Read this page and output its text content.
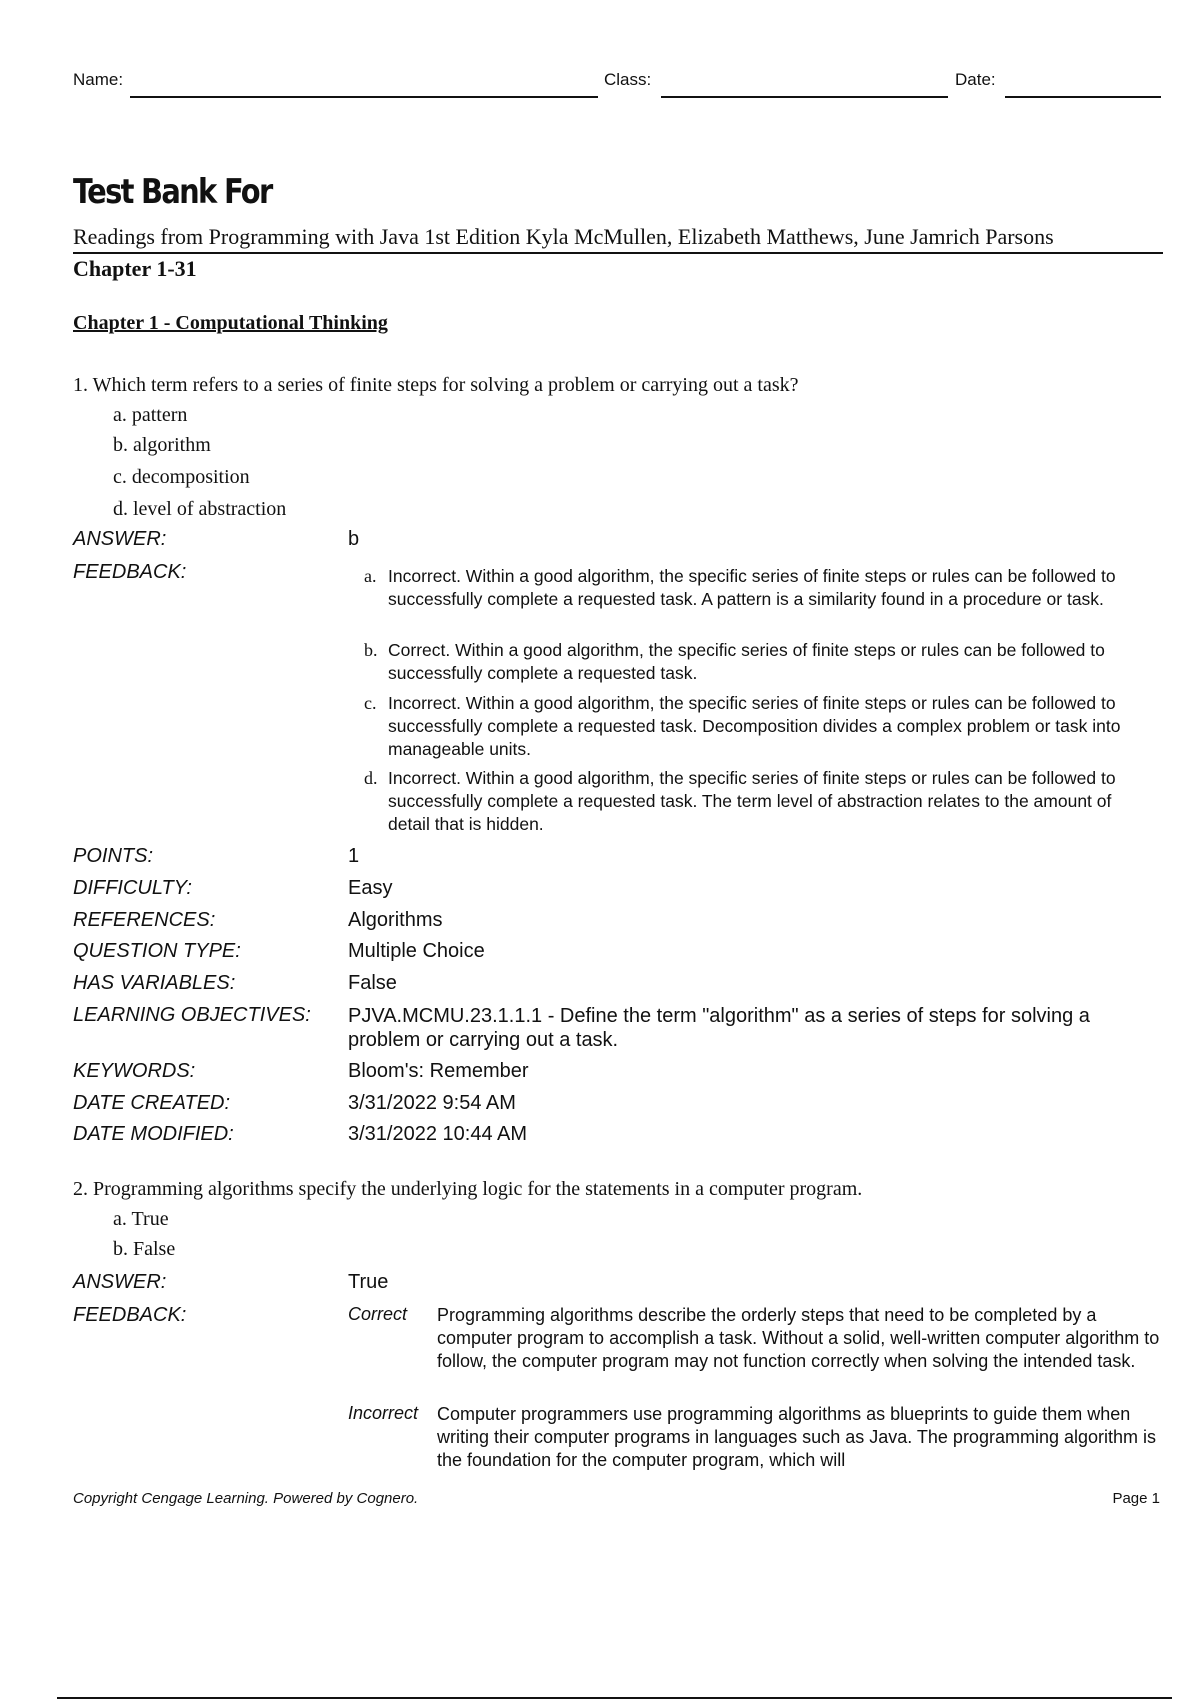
Name:	Class:	Date:
Test Bank For
Readings from Programming with Java 1st Edition Kyla McMullen, Elizabeth Matthews, June Jamrich Parsons
Chapter 1-31
Chapter 1 - Computational Thinking
1. Which term refers to a series of finite steps for solving a problem or carrying out a task?
a. pattern
b. algorithm
c. decomposition
d. level of abstraction
ANSWER:	b
FEEDBACK:	a. Incorrect. Within a good algorithm, the specific series of finite steps or rules can be followed to successfully complete a requested task. A pattern is a similarity found in a procedure or task.
b. Correct. Within a good algorithm, the specific series of finite steps or rules can be followed to successfully complete a requested task.
c. Incorrect. Within a good algorithm, the specific series of finite steps or rules can be followed to successfully complete a requested task. Decomposition divides a complex problem or task into manageable units.
d. Incorrect. Within a good algorithm, the specific series of finite steps or rules can be followed to successfully complete a requested task. The term level of abstraction relates to the amount of detail that is hidden.
POINTS:	1
DIFFICULTY:	Easy
REFERENCES:	Algorithms
QUESTION TYPE:	Multiple Choice
HAS VARIABLES:	False
LEARNING OBJECTIVES: PJVA.MCMU.23.1.1.1 - Define the term "algorithm" as a series of steps for solving a problem or carrying out a task.
KEYWORDS:	Bloom's: Remember
DATE CREATED:	3/31/2022 9:54 AM
DATE MODIFIED:	3/31/2022 10:44 AM
2. Programming algorithms specify the underlying logic for the statements in a computer program.
a. True
b. False
ANSWER:	True
FEEDBACK:	Correct Programming algorithms describe the orderly steps that need to be completed by a computer program to accomplish a task. Without a solid, well-written computer algorithm to follow, the computer program may not function correctly when solving the intended task.
Incorrect Computer programmers use programming algorithms as blueprints to guide them when writing their computer programs in languages such as Java. The programming algorithm is the foundation for the computer program, which will
Copyright Cengage Learning. Powered by Cognero.	Page 1
